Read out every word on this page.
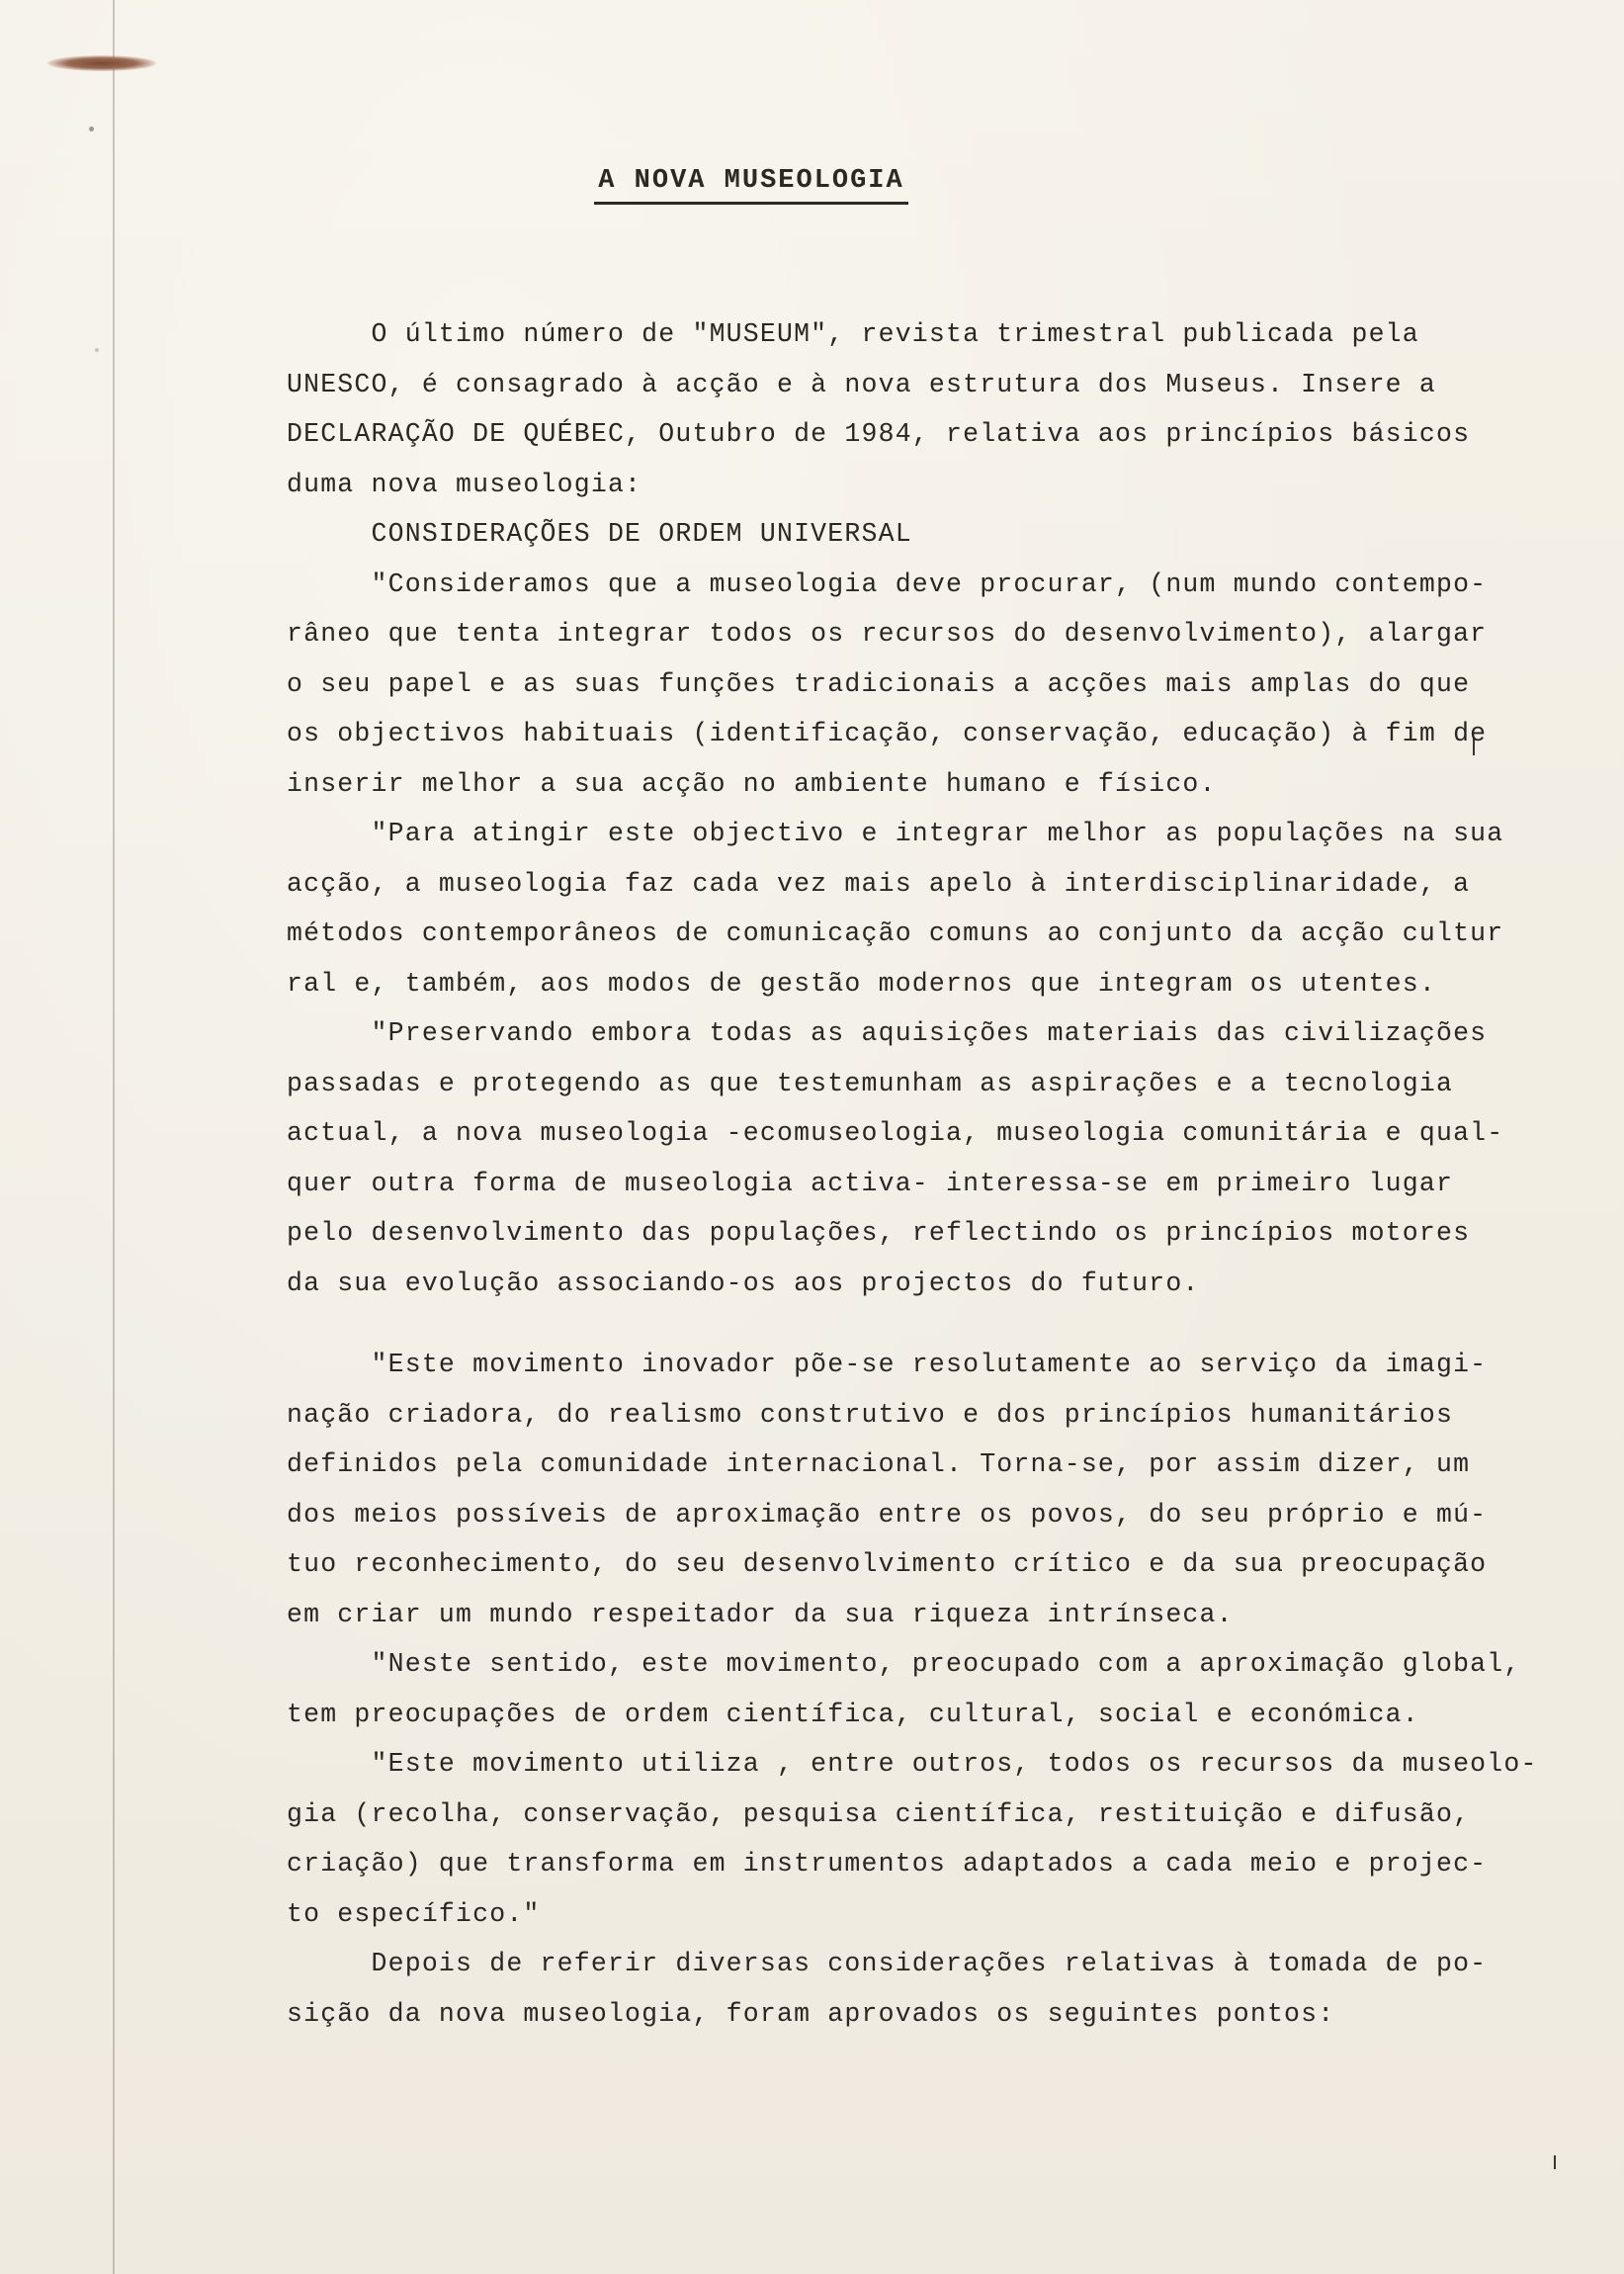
A NOVA MUSEOLOGIA
O último número de "MUSEUM", revista trimestral publicada pela
UNESCO, é consagrado à acção e à nova estrutura dos Museus. Insere a
DECLARAÇÃO DE QUÉBEC, Outubro de 1984, relativa aos princípios básicos
duma nova museologia:
CONSIDERAÇÕES DE ORDEM UNIVERSAL
"Consideramos que a museologia deve procurar, (num mundo contempo-
râneo que tenta integrar todos os recursos do desenvolvimento), alargar
o seu papel e as suas funções tradicionais a acções mais amplas do que
os objectivos habituais (identificação, conservação, educação) à fim de
inserir melhor a sua acção no ambiente humano e físico.
"Para atingir este objectivo e integrar melhor as populações na sua
acção, a museologia faz cada vez mais apelo à interdisciplinaridade, a
métodos contemporâneos de comunicação comuns ao conjunto da acção cultur
ral e, também, aos modos de gestão modernos que integram os utentes.
"Preservando embora todas as aquisições materiais das civilizações
passadas e protegendo as que testemunham as aspirações e a tecnologia
actual, a nova museologia -ecomuseologia, museologia comunitária e qual-
quer outra forma de museologia activa- interessa-se em primeiro lugar
pelo desenvolvimento das populações, reflectindo os princípios motores
da sua evolução associando-os aos projectos do futuro.
"Este movimento inovador põe-se resolutamente ao serviço da imagi-
nação criadora, do realismo construtivo e dos princípios humanitários
definidos pela comunidade internacional. Torna-se, por assim dizer, um
dos meios possíveis de aproximação entre os povos, do seu próprio e mú-
tuo reconhecimento, do seu desenvolvimento crítico e da sua preocupação
em criar um mundo respeitador da sua riqueza intrínseca.
"Neste sentido, este movimento, preocupado com a aproximação global,
tem preocupações de ordem científica, cultural, social e económica.
"Este movimento utiliza , entre outros, todos os recursos da museolo-
gia (recolha, conservação, pesquisa científica, restituição e difusão,
criação) que transforma em instrumentos adaptados a cada meio e projec-
to específico."
Depois de referir diversas considerações relativas à tomada de po-
sição da nova museologia, foram aprovados os seguintes pontos:
